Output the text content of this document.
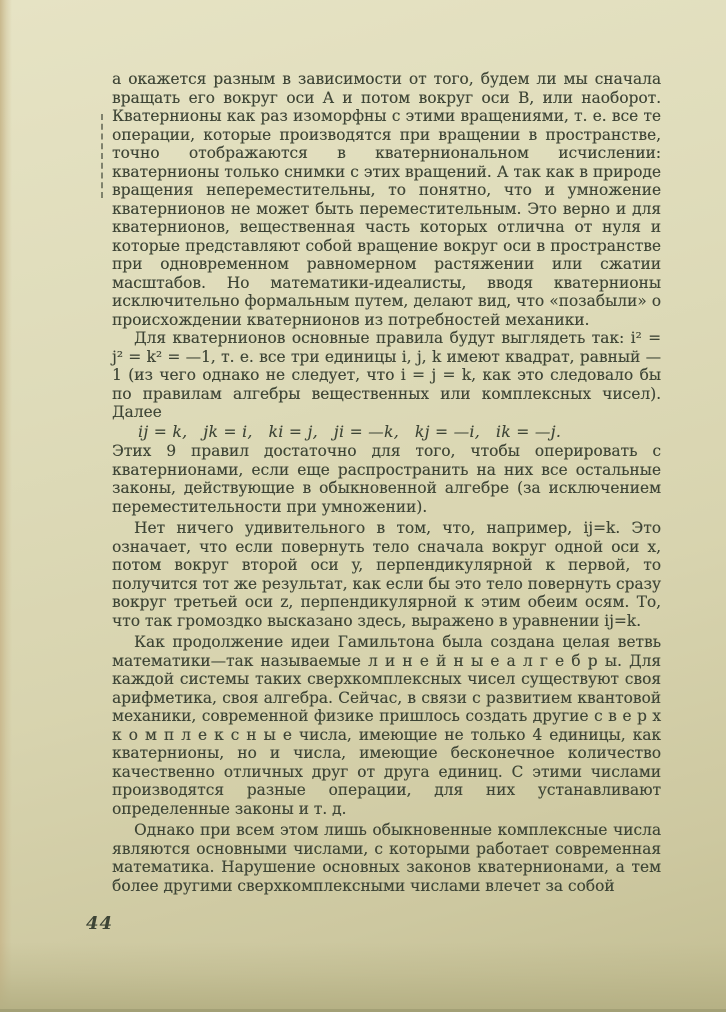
а окажется разным в зависимости от того, будем ли мы сначала вращать его вокруг оси A и потом вокруг оси B, или наоборот. Кватернионы как раз изоморфны с этими вращениями, т. е. все те операции, которые производятся при вращении в пространстве, точно отображаются в кватерниональном исчислении: кватернионы только снимки с этих вращений. А так как в природе вращения непереместительны, то понятно, что и умножение кватернионов не может быть переместительным. Это верно и для кватернионов, вещественная часть которых отлична от нуля и которые представляют собой вращение вокруг оси в пространстве при одновременном равномерном растяжении или сжатии масштабов. Но математики-идеалисты, вводя кватернионы исключительно формальным путем, делают вид, что «позабыли» о происхождении кватернионов из потребностей механики.

Для кватернионов основные правила будут выглядеть так: i² = j² = k² = —1, т. е. все три единицы i, j, k имеют квадрат, равный —1 (из чего однако не следует, что i = j = k, как это следовало бы по правилам алгебры вещественных или комплексных чисел). Далее

ij = k,   jk = i,   ki = j,   ji = —k,   kj = —i,   ik = —j.

Этих 9 правил достаточно для того, чтобы оперировать с кватернионами, если еще распространить на них все остальные законы, действующие в обыкновенной алгебре (за исключением переместительности при умножении).

Нет ничего удивительного в том, что, например, ij=k. Это означает, что если повернуть тело сначала вокруг одной оси x, потом вокруг второй оси y, перпендикулярной к первой, то получится тот же результат, как если бы это тело повернуть сразу вокруг третьей оси z, перпендикулярной к этим обеим осям. То, что так громоздко высказано здесь, выражено в уравнении ij=k.

Как продолжение идеи Гамильтона была создана целая ветвь математики—так называемые л и н е й н ы е а л г е б р ы. Для каждой системы таких сверхкомплексных чисел существуют своя арифметика, своя алгебра. Сейчас, в связи с развитием квантовой механики, современной физике пришлось создать другие с в е р х к о м п л е к с н ы е числа, имеющие не только 4 единицы, как кватернионы, но и числа, имеющие бесконечное количество качественно отличных друг от друга единиц. С этими числами производятся разные операции, для них устанавливают определенные законы и т. д.

Однако при всем этом лишь обыкновенные комплексные числа являются основными числами, с которыми работает современная математика. Нарушение основных законов кватернионами, а тем более другими сверхкомплексными числами влечет за собой

44
